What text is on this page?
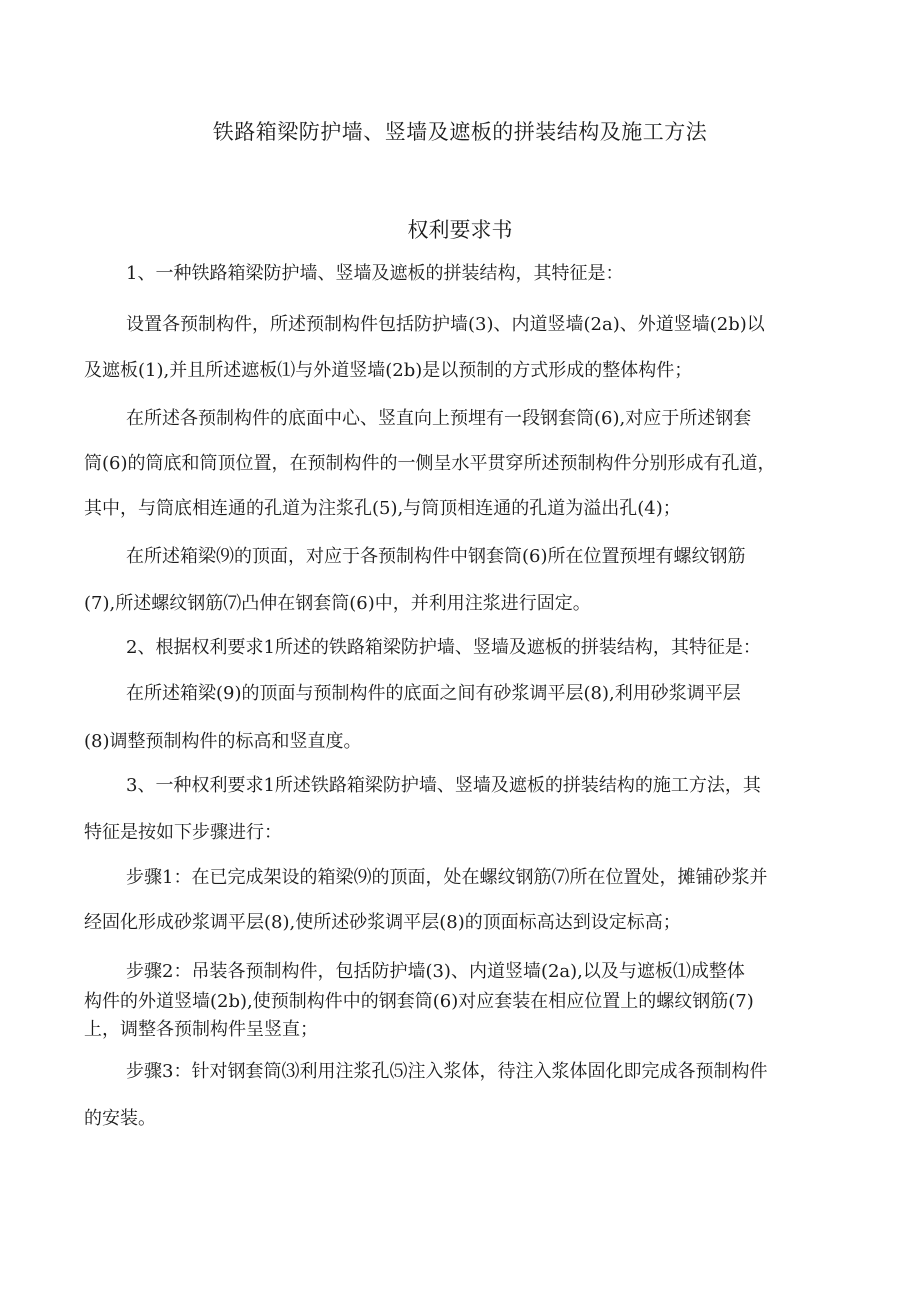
铁路箱梁防护墙、竖墙及遮板的拼装结构及施工方法
权利要求书

1、一种铁路箱梁防护墙、竖墙及遮板的拼装结构，其特征是：

设置各预制构件，所述预制构件包括防护墙(3)、内道竖墙(2a)、外道竖墙(2b)以

及遮板(1),并且所述遮板⑴与外道竖墙(2b)是以预制的方式形成的整体构件；

在所述各预制构件的底面中心、竖直向上预埋有一段钢套筒(6),对应于所述钢套

筒(6)的筒底和筒顶位置，在预制构件的一侧呈水平贯穿所述预制构件分别形成有孔道，

其中，与筒底相连通的孔道为注浆孔(5),与筒顶相连通的孔道为溢出孔(4)；

在所述箱梁⑼的顶面，对应于各预制构件中钢套筒(6)所在位置预埋有螺纹钢筋

(7),所述螺纹钢筋⑺凸伸在钢套筒(6)中，并利用注浆进行固定。

2、根据权利要求1所述的铁路箱梁防护墙、竖墙及遮板的拼装结构，其特征是：

在所述箱梁(9)的顶面与预制构件的底面之间有砂浆调平层(8),利用砂浆调平层

(8)调整预制构件的标高和竖直度。

3、一种权利要求1所述铁路箱梁防护墙、竖墙及遮板的拼装结构的施工方法，其

特征是按如下步骤进行：

步骤1：在已完成架设的箱梁⑼的顶面，处在螺纹钢筋⑺所在位置处，摊铺砂浆并

经固化形成砂浆调平层(8),使所述砂浆调平层(8)的顶面标高达到设定标高；

步骤2：吊装各预制构件，包括防护墙(3)、内道竖墙(2a),以及与遮板⑴成整体

构件的外道竖墙(2b),使预制构件中的钢套筒(6)对应套装在相应位置上的螺纹钢筋(7)

上，调整各预制构件呈竖直；

步骤3：针对钢套筒⑶利用注浆孔⑸注入浆体，待注入浆体固化即完成各预制构件

的安装。
